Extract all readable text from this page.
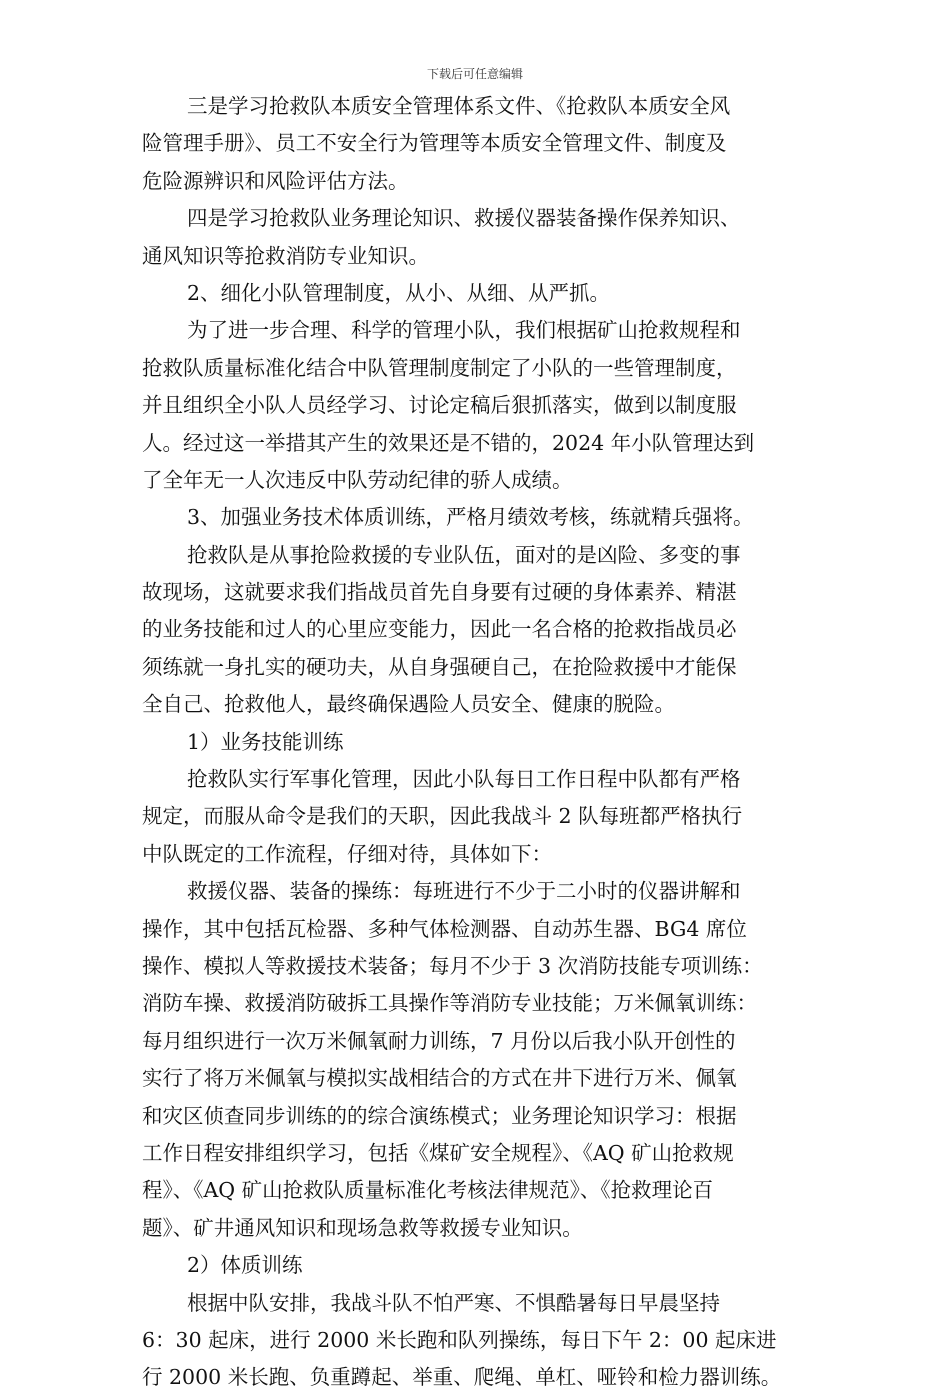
下载后可任意编辑
三是学习抢救队本质安全管理体系文件、《抢救队本质安全风
险管理手册》、员工不安全行为管理等本质安全管理文件、制度及
危险源辨识和风险评估方法。
四是学习抢救队业务理论知识、救援仪器装备操作保养知识、
通风知识等抢救消防专业知识。
2、细化小队管理制度，从小、从细、从严抓。
为了进一步合理、科学的管理小队，我们根据矿山抢救规程和
抢救队质量标准化结合中队管理制度制定了小队的一些管理制度，
并且组织全小队人员经学习、讨论定稿后狠抓落实，做到以制度服
人。经过这一举措其产生的效果还是不错的，2024 年小队管理达到
了全年无一人次违反中队劳动纪律的骄人成绩。
3、加强业务技术体质训练，严格月绩效考核，练就精兵强将。
抢救队是从事抢险救援的专业队伍，面对的是凶险、多变的事
故现场，这就要求我们指战员首先自身要有过硬的身体素养、精湛
的业务技能和过人的心里应变能力，因此一名合格的抢救指战员必
须练就一身扎实的硬功夫，从自身强硬自己，在抢险救援中才能保
全自己、抢救他人，最终确保遇险人员安全、健康的脱险。
1）业务技能训练
抢救队实行军事化管理，因此小队每日工作日程中队都有严格
规定，而服从命令是我们的天职，因此我战斗 2 队每班都严格执行
中队既定的工作流程，仔细对待，具体如下：
救援仪器、装备的操练：每班进行不少于二小时的仪器讲解和
操作，其中包括瓦检器、多种气体检测器、自动苏生器、BG4 席位
操作、模拟人等救援技术装备；每月不少于 3 次消防技能专项训练：
消防车操、救援消防破拆工具操作等消防专业技能；万米佩氧训练：
每月组织进行一次万米佩氧耐力训练，7 月份以后我小队开创性的
实行了将万米佩氧与模拟实战相结合的方式在井下进行万米、佩氧
和灾区侦查同步训练的的综合演练模式；业务理论知识学习：根据
工作日程安排组织学习，包括《煤矿安全规程》、《AQ 矿山抢救规
程》、《AQ 矿山抢救队质量标准化考核法律规范》、《抢救理论百
题》、矿井通风知识和现场急救等救援专业知识。
2）体质训练
根据中队安排，我战斗队不怕严寒、不惧酷暑每日早晨坚持
6：30 起床，进行 2000 米长跑和队列操练，每日下午 2：00 起床进
行 2000 米长跑、负重蹲起、举重、爬绳、单杠、哑铃和检力器训练。
